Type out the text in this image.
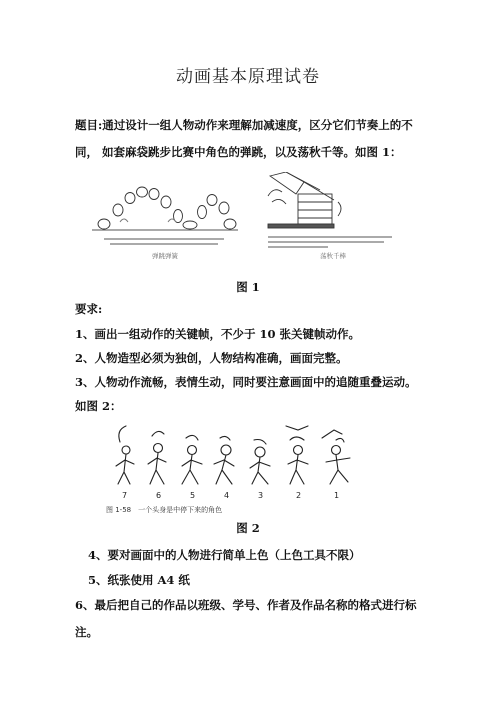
动画基本原理试卷
题目:通过设计一组人物动作来理解加减速度，区分它们节奏上的不同， 如套麻袋跳步比赛中角色的弹跳，以及荡秋千等。如图 1：
弹跳弹簧	荡秋千棒
图 1
要求:
1、画出一组动作的关键帧，不少于 10 张关键帧动作。
2、人物造型必须为独创，人物结构准确，画面完整。
3、人物动作流畅，表情生动，同时要注意画面中的追随重叠运动。
如图 2：
7	6	5	4	3	2	1
图 1-58　一个头身是中停下来的角色
图 2
4、要对画面中的人物进行简单上色（上色工具不限）
5、纸张使用 A4 纸
6、最后把自己的作品以班级、学号、作者及作品名称的格式进行标注。
